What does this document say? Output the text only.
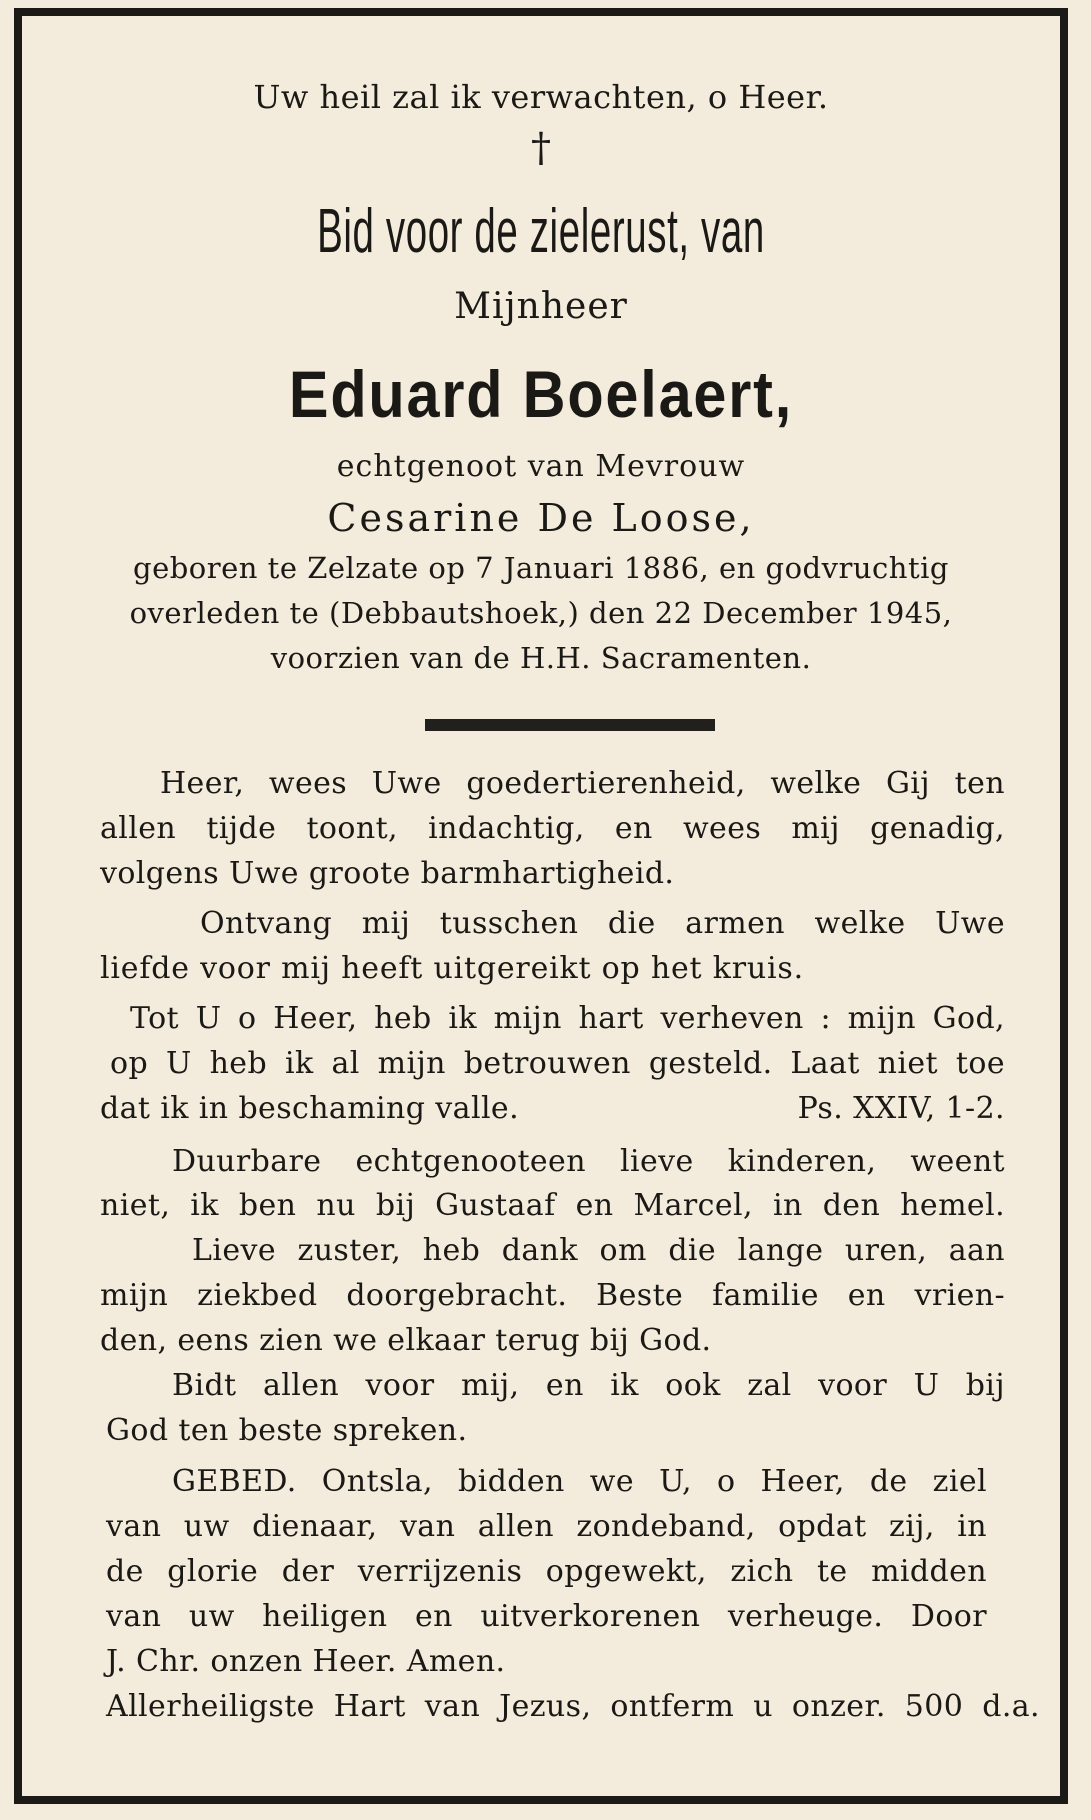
Uw heil zal ik verwachten, o Heer.
†
Bid voor de zielerust, van
Mijnheer
Eduard Boelaert,
echtgenoot van Mevrouw
Cesarine De Loose,
geboren te Zelzate op 7 Januari 1886, en godvruchtig
overleden te (Debbautshoek,) den 22 December 1945,
voorzien van de H.H. Sacramenten.
Heer, wees Uwe goedertierenheid, welke Gij ten
allen tijde toont, indachtig, en wees mij genadig,
volgens Uwe groote barmhartigheid.
Ontvang mij tusschen die armen welke Uwe
liefde voor mij heeft uitgereikt op het kruis.
Tot U o Heer, heb ik mijn hart verheven : mijn God,
op U heb ik al mijn betrouwen gesteld. Laat niet toe
dat ik in beschaming valle.	Ps. XXIV, 1-2.
Duurbare echtgenooteen lieve kinderen, weent
niet, ik ben nu bij Gustaaf en Marcel, in den hemel.
Lieve zuster, heb dank om die lange uren, aan
mijn ziekbed doorgebracht. Beste familie en vrien-
den, eens zien we elkaar terug bij God.
Bidt allen voor mij, en ik ook zal voor U bij
God ten beste spreken.
GEBED. Ontsla, bidden we U, o Heer, de ziel
van uw dienaar, van allen zondeband, opdat zij, in
de glorie der verrijzenis opgewekt, zich te midden
van uw heiligen en uitverkorenen verheuge. Door
J. Chr. onzen Heer. Amen.
Allerheiligste Hart van Jezus, ontferm u onzer. 500 d.a.
